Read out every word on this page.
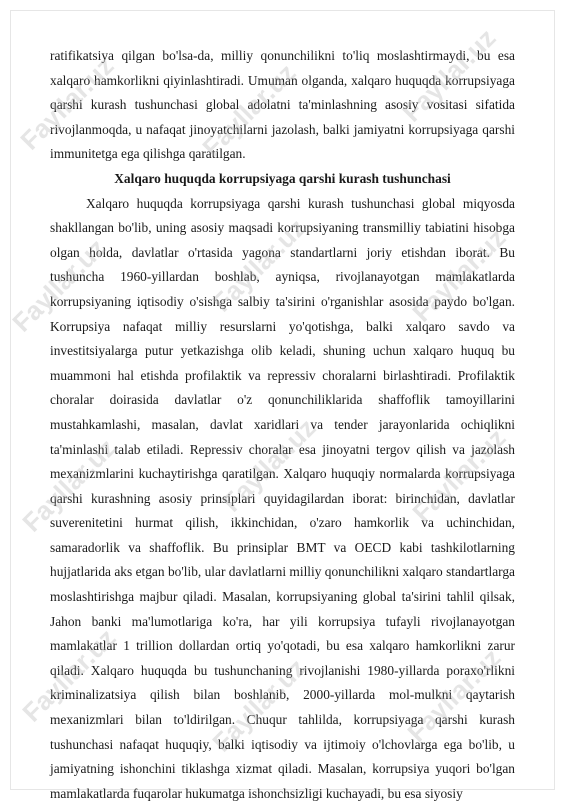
ratifikatsiya qilgan bo'lsa-da, milliy qonunchilikni to'liq moslashtirmaydi, bu esa xalqaro hamkorlikni qiyinlashtiradi. Umuman olganda, xalqaro huquqda korrupsiyaga qarshi kurash tushunchasi global adolatni ta'minlashning asosiy vositasi sifatida rivojlanmoqda, u nafaqat jinoyatchilarni jazolash, balki jamiyatni korrupsiyaga qarshi immunitetga ega qilishga qaratilgan.

Xalqaro huquqda korrupsiyaga qarshi kurash tushunchasi

Xalqaro huquqda korrupsiyaga qarshi kurash tushunchasi global miqyosda shakllangan bo'lib, uning asosiy maqsadi korrupsiyaning transmilliy tabiatini hisobga olgan holda, davlatlar o'rtasida yagona standartlarni joriy etishdan iborat. Bu tushuncha 1960-yillardan boshlab, ayniqsa, rivojlanayotgan mamlakatlarda korrupsiyaning iqtisodiy o'sishga salbiy ta'sirini o'rganishlar asosida paydo bo'lgan. Korrupsiya nafaqat milliy resurslarni yo'qotishga, balki xalqaro savdo va investitsiyalarga putur yetkazishga olib keladi, shuning uchun xalqaro huquq bu muammoni hal etishda profilaktik va repressiv choralarni birlashtiradi. Profilaktik choralar doirasida davlatlar o'z qonunchiliklarida shaffoflik tamoyillarini mustahkamlashi, masalan, davlat xaridlari va tender jarayonlarida ochiqlikni ta'minlashi talab etiladi. Repressiv choralar esa jinoyatni tergov qilish va jazolash mexanizmlarini kuchaytirishga qaratilgan. Xalqaro huquqiy normalarda korrupsiyaga qarshi kurashning asosiy prinsiplari quyidagilardan iborat: birinchidan, davlatlar suverenitetini hurmat qilish, ikkinchidan, o'zaro hamkorlik va uchinchidan, samaradorlik va shaffoflik. Bu prinsiplar BMT va OECD kabi tashkilotlarning hujjatlarida aks etgan bo'lib, ular davlatlarni milliy qonunchilikni xalqaro standartlarga moslashtirishga majbur qiladi. Masalan, korrupsiyaning global ta'sirini tahlil qilsak, Jahon banki ma'lumotlariga ko'ra, har yili korrupsiya tufayli rivojlanayotgan mamlakatlar 1 trillion dollardan ortiq yo'qotadi, bu esa xalqaro hamkorlikni zarur qiladi. Xalqaro huquqda bu tushunchaning rivojlanishi 1980-yillarda poraxo'rlikni kriminalizatsiya qilish bilan boshlanib, 2000-yillarda mol-mulkni qaytarish mexanizmlari bilan to'ldirilgan. Chuqur tahlilda, korrupsiyaga qarshi kurash tushunchasi nafaqat huquqiy, balki iqtisodiy va ijtimoiy o'lchovlarga ega bo'lib, u jamiyatning ishonchini tiklashga xizmat qiladi. Masalan, korrupsiya yuqori bo'lgan mamlakatlarda fuqarolar hukumatga ishonchsizligi kuchayadi, bu esa siyosiy

Fayllar.uz	Fayllar.uz	Fayllar.uz
Fayllar.uz	Fayllar.uz	Fayllar.uz
Fayllar.uz	Fayllar.uz	Fayllar.uz
Fayllar.uz	Fayllar.uz	Fayllar.uz
